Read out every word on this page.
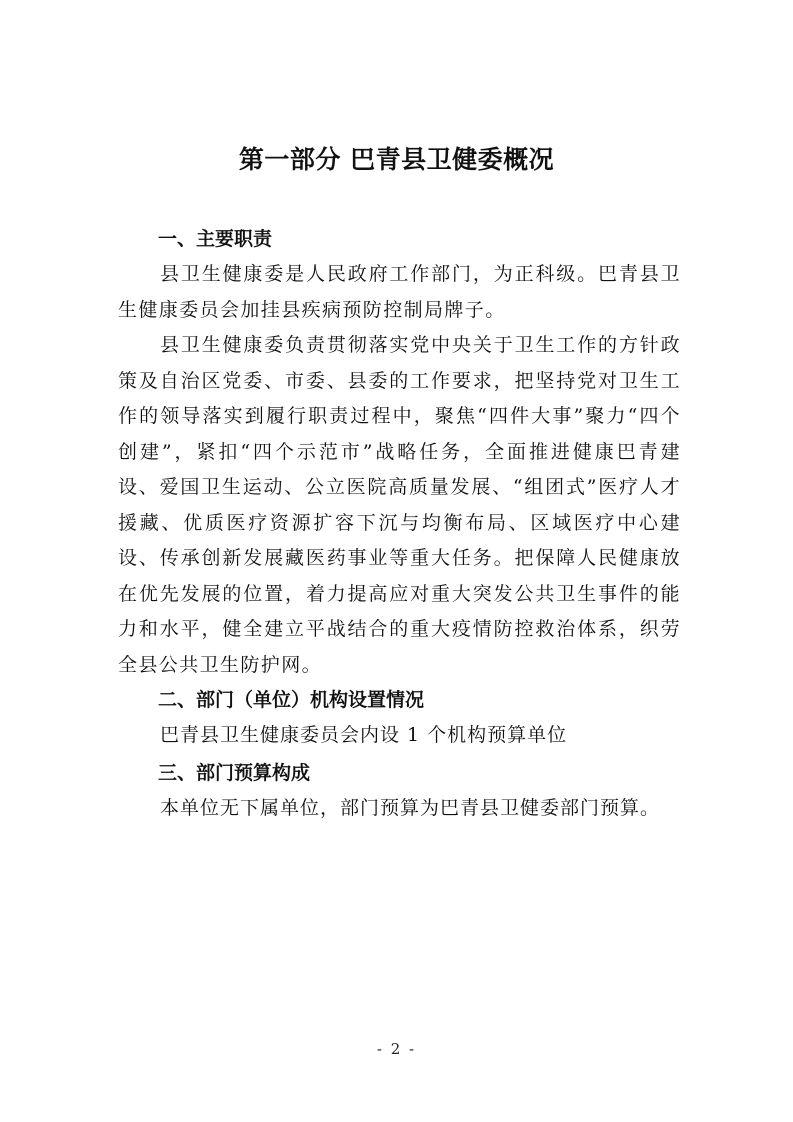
第一部分 巴青县卫健委概况
一、主要职责

县卫生健康委是人民政府工作部门，为正科级。巴青县卫生健康委员会加挂县疾病预防控制局牌子。

县卫生健康委负责贯彻落实党中央关于卫生工作的方针政策及自治区党委、市委、县委的工作要求，把坚持党对卫生工作的领导落实到履行职责过程中，聚焦“四件大事”聚力“四个创建”，紧扣“四个示范市”战略任务，全面推进健康巴青建设、爱国卫生运动、公立医院高质量发展、“组团式”医疗人才援藏、优质医疗资源扩容下沉与均衡布局、区域医疗中心建设、传承创新发展藏医药事业等重大任务。把保障人民健康放在优先发展的位置，着力提高应对重大突发公共卫生事件的能力和水平，健全建立平战结合的重大疫情防控救治体系，织劳全县公共卫生防护网。

二、部门（单位）机构设置情况

巴青县卫生健康委员会内设 1 个机构预算单位

三、部门预算构成

本单位无下属单位，部门预算为巴青县卫健委部门预算。

- 2 -
